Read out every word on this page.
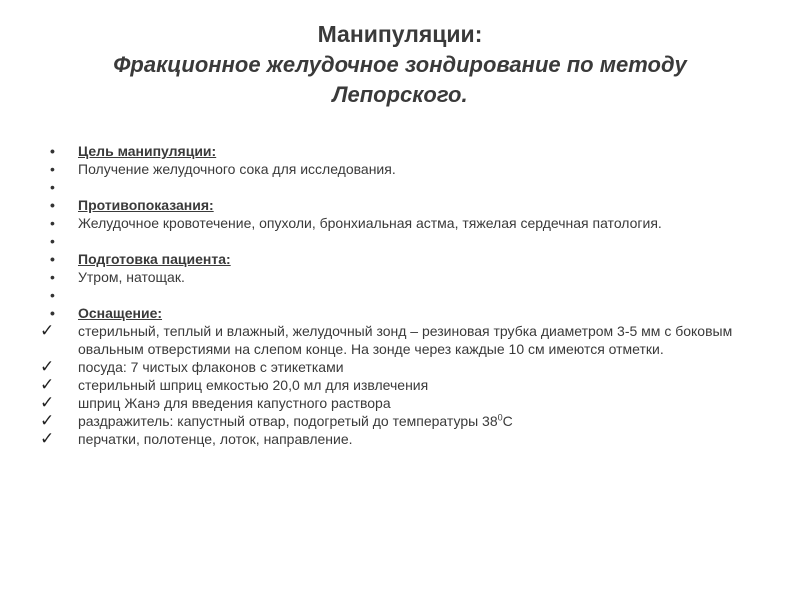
Манипуляции:
Фракционное желудочное зондирование по методу
Лепорского.
• Цель манипуляции:
• Получение желудочного сока для исследования.
•
• Противопоказания:
• Желудочное кровотечение, опухоли, бронхиальная астма, тяжелая сердечная патология.
•
• Подготовка пациента:
• Утром, натощак.
•
• Оснащение:
✓ стерильный, теплый и влажный, желудочный зонд – резиновая трубка диаметром 3-5 мм с боковым овальным отверстиями на слепом конце. На зонде через каждые 10 см имеются отметки.
✓ посуда: 7 чистых флаконов с этикетками
✓ стерильный шприц емкостью 20,0 мл для извлечения
✓ шприц Жанэ для введения капустного раствора
✓ раздражитель: капустный отвар, подогретый до температуры $38^0С$
✓ перчатки, полотенце, лоток, направление.
